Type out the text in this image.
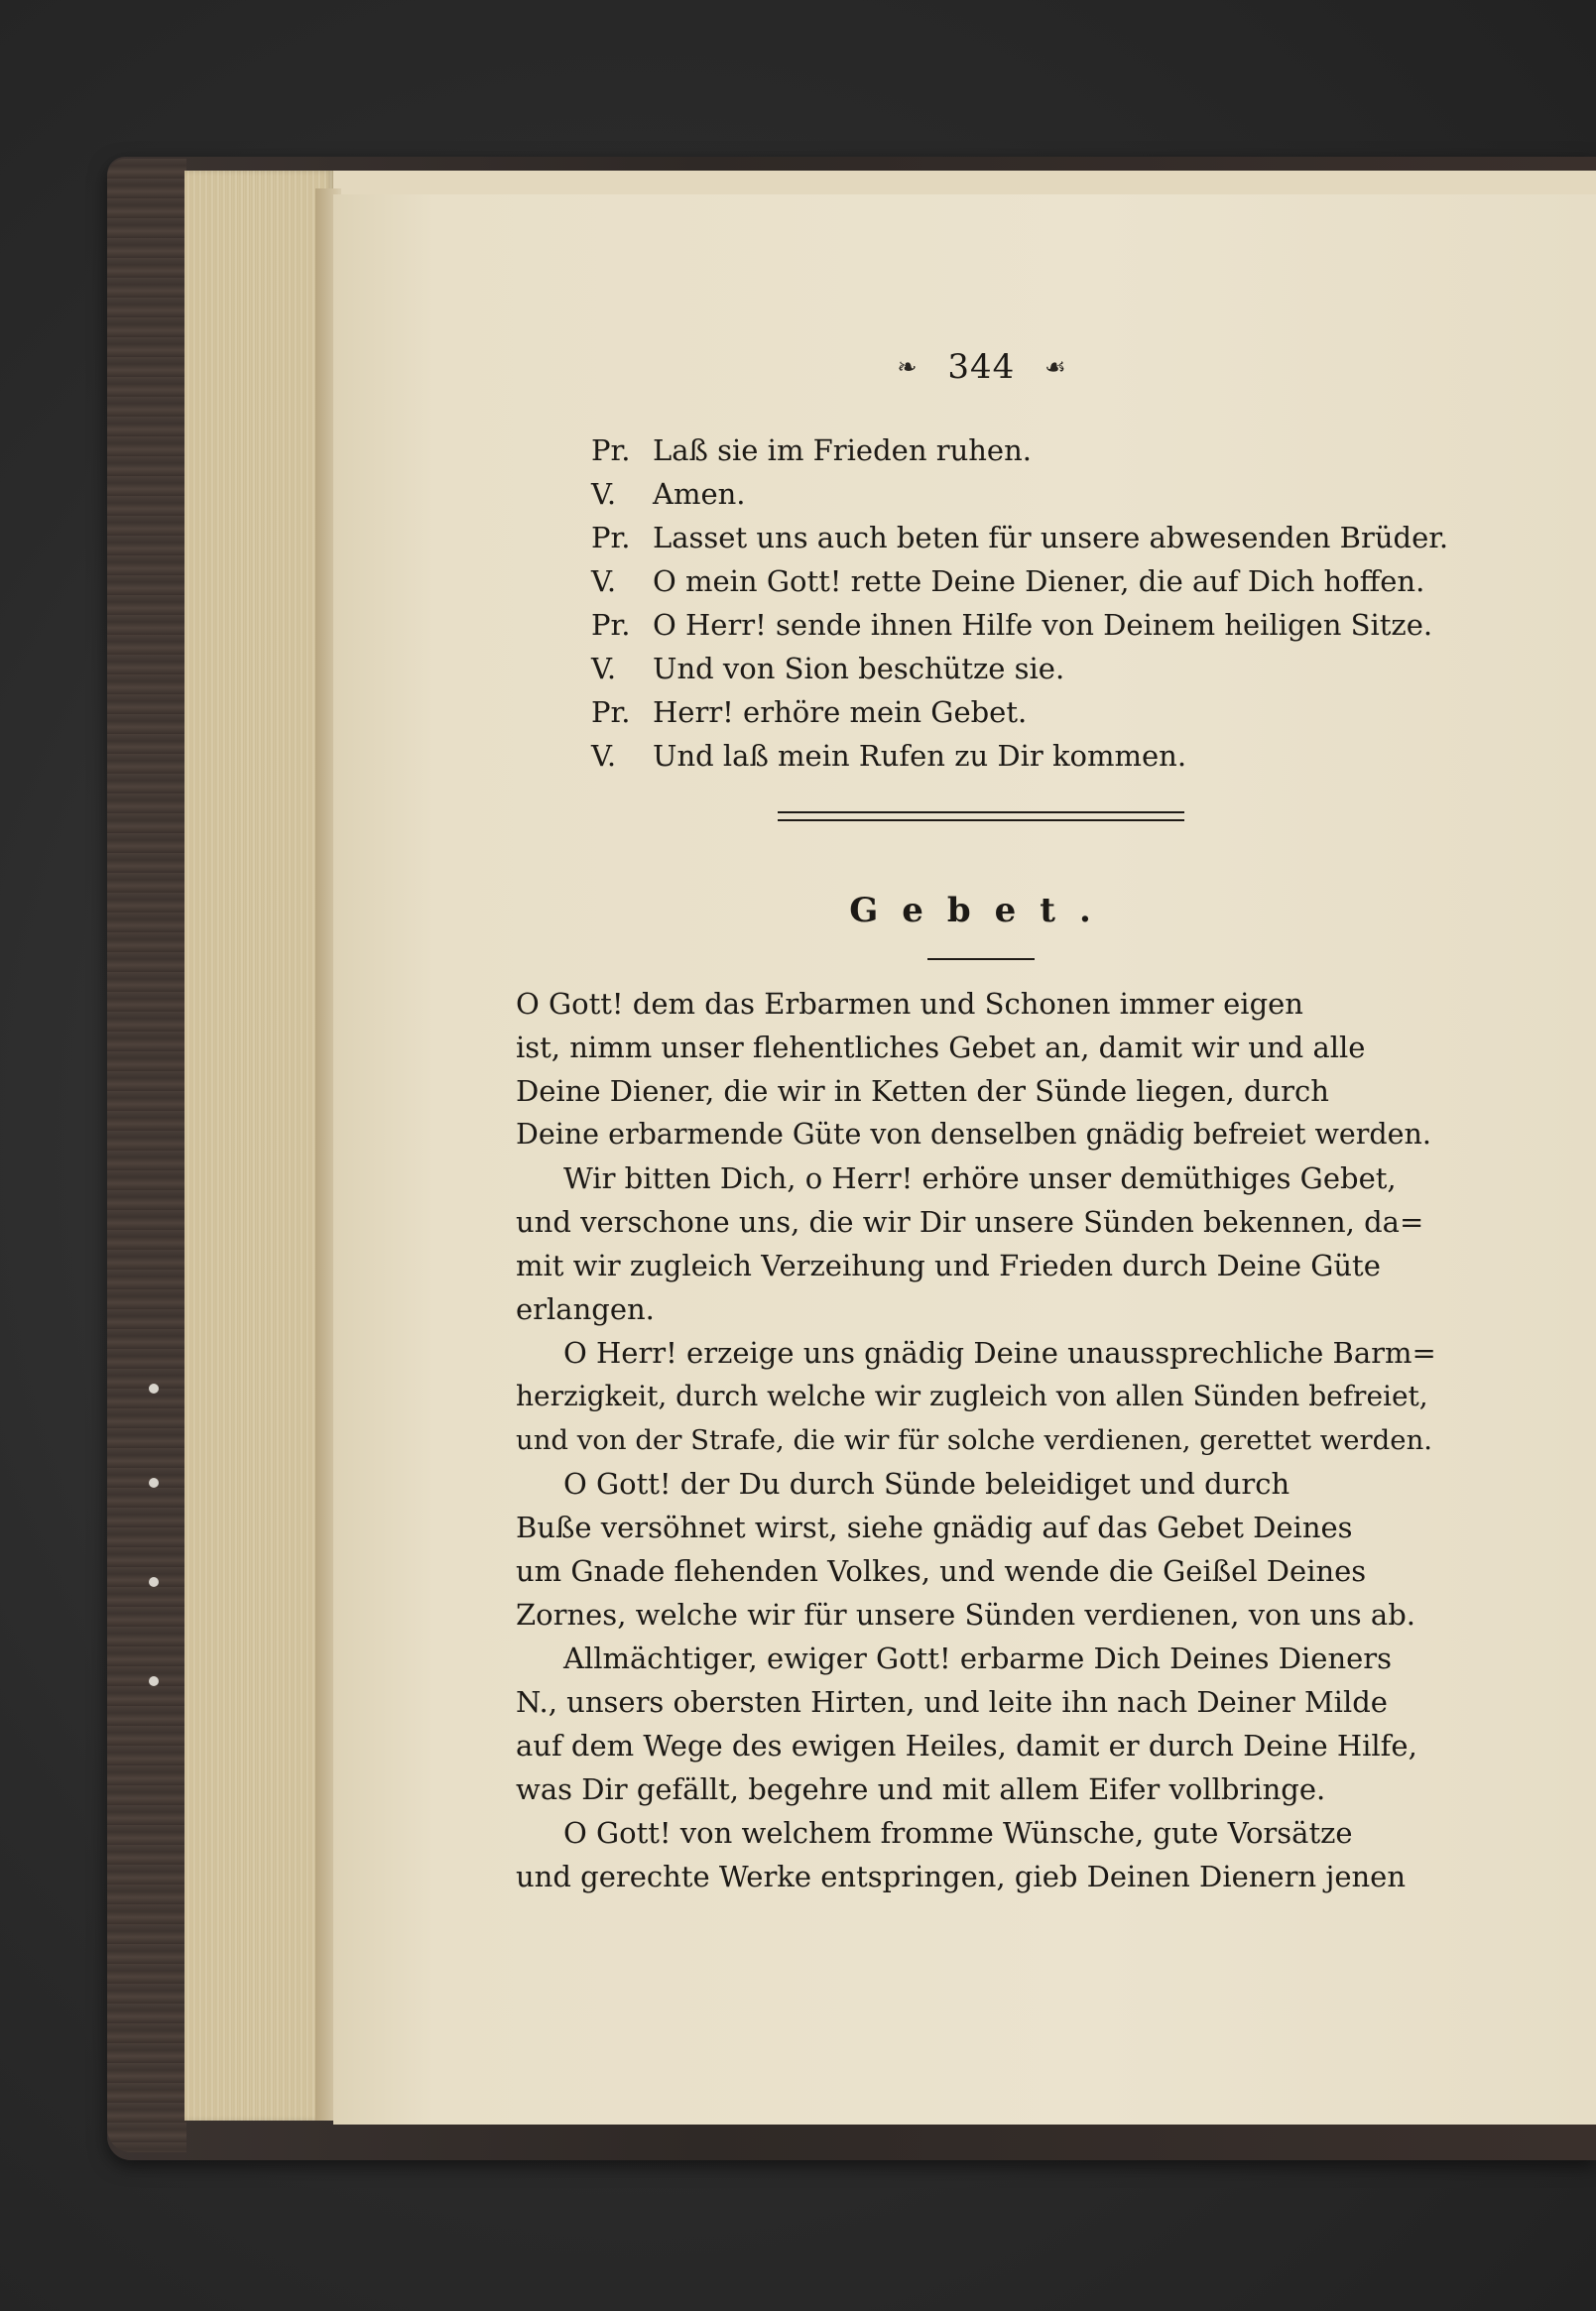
❧ 344 ☙
Pr. Laß sie im Frieden ruhen.
V. Amen.
Pr. Lasset uns auch beten für unsere abwesenden Brüder.
V. O mein Gott! rette Deine Diener, die auf Dich hoffen.
Pr. O Herr! sende ihnen Hilfe von Deinem heiligen Sitze.
V. Und von Sion beschütze sie.
Pr. Herr! erhöre mein Gebet.
V. Und laß mein Rufen zu Dir kommen.
Gebet.
O Gott! dem das Erbarmen und Schonen immer eigen
ist, nimm unser flehentliches Gebet an, damit wir und alle
Deine Diener, die wir in Ketten der Sünde liegen, durch
Deine erbarmende Güte von denselben gnädig befreiet werden.
Wir bitten Dich, o Herr! erhöre unser demüthiges Gebet,
und verschone uns, die wir Dir unsere Sünden bekennen, da=
mit wir zugleich Verzeihung und Frieden durch Deine Güte
erlangen.
O Herr! erzeige uns gnädig Deine unaussprechliche Barm=
herzigkeit, durch welche wir zugleich von allen Sünden befreiet,
und von der Strafe, die wir für solche verdienen, gerettet werden.
O Gott! der Du durch Sünde beleidiget und durch
Buße versöhnet wirst, siehe gnädig auf das Gebet Deines
um Gnade flehenden Volkes, und wende die Geißel Deines
Zornes, welche wir für unsere Sünden verdienen, von uns ab.
Allmächtiger, ewiger Gott! erbarme Dich Deines Dieners
N., unsers obersten Hirten, und leite ihn nach Deiner Milde
auf dem Wege des ewigen Heiles, damit er durch Deine Hilfe,
was Dir gefällt, begehre und mit allem Eifer vollbringe.
O Gott! von welchem fromme Wünsche, gute Vorsätze
und gerechte Werke entspringen, gieb Deinen Dienern jenen
